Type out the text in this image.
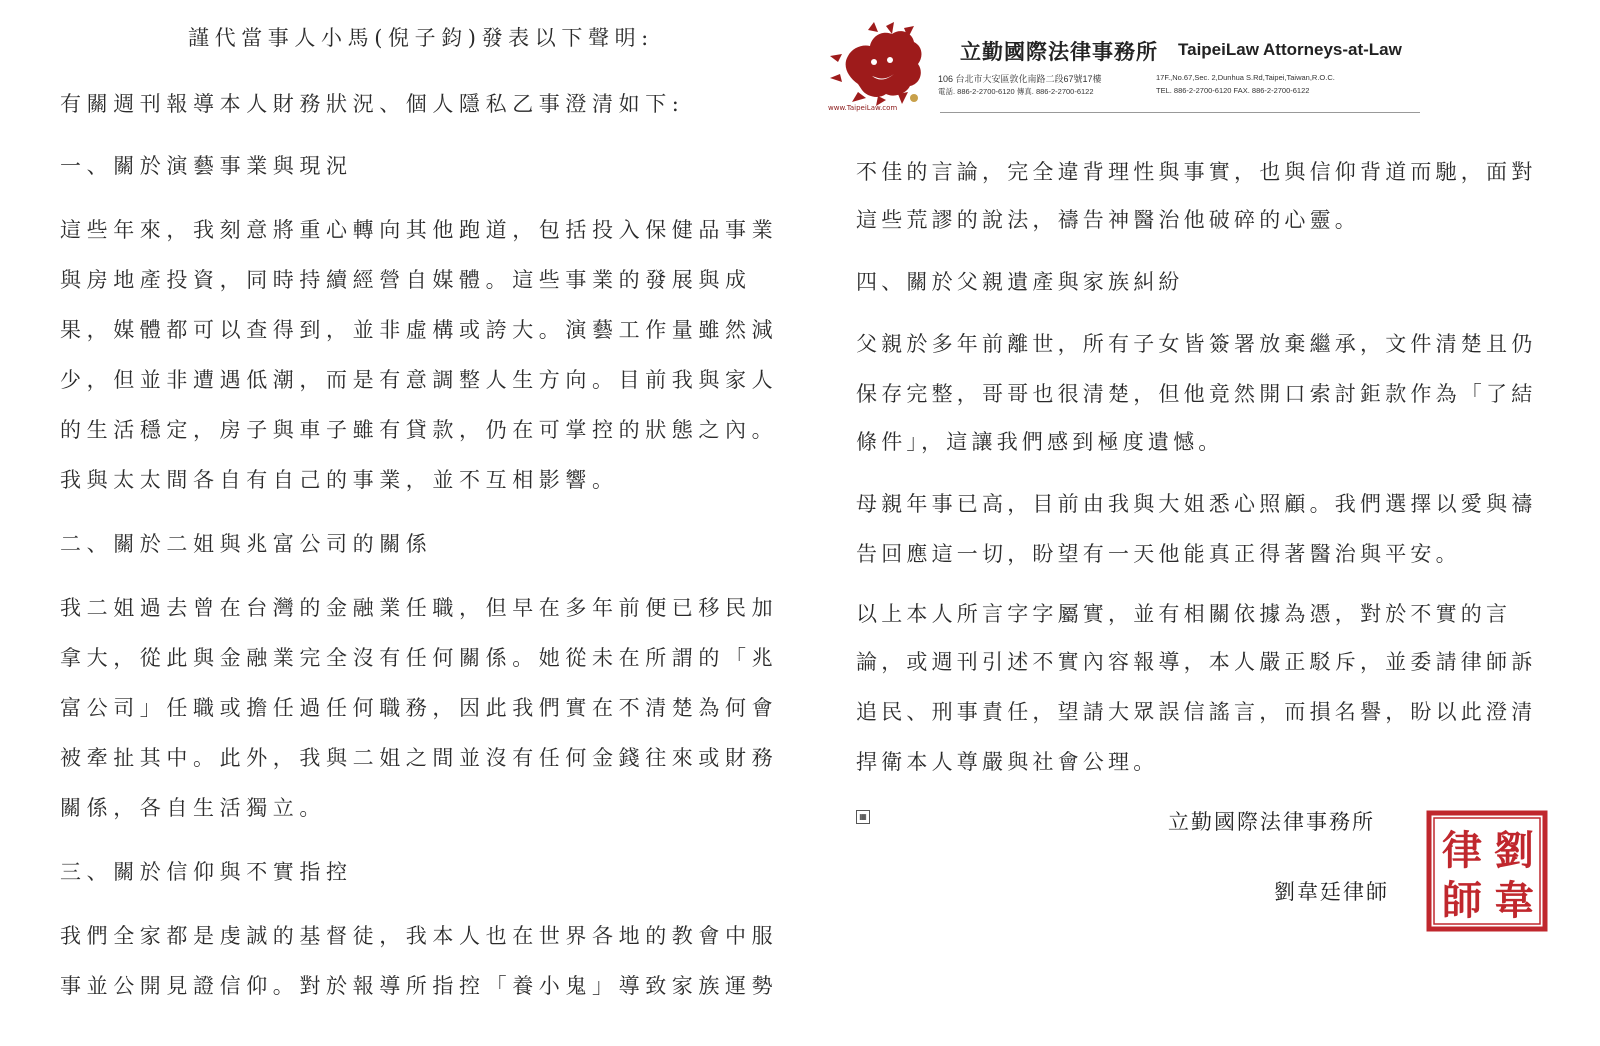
謹代當事人小馬(倪子鈞)發表以下聲明:
有關週刊報導本人財務狀況、個人隱私乙事澄清如下:
一、關於演藝事業與現況
這些年來，我刻意將重心轉向其他跑道，包括投入保健品事業
與房地產投資，同時持續經營自媒體。這些事業的發展與成
果，媒體都可以查得到，並非虛構或誇大。演藝工作量雖然減
少，但並非遭遇低潮，而是有意調整人生方向。目前我與家人
的生活穩定，房子與車子雖有貸款，仍在可掌控的狀態之內。
我與太太間各自有自己的事業，並不互相影響。
二、關於二姐與兆富公司的關係
我二姐過去曾在台灣的金融業任職，但早在多年前便已移民加
拿大，從此與金融業完全沒有任何關係。她從未在所謂的「兆
富公司」任職或擔任過任何職務，因此我們實在不清楚為何會
被牽扯其中。此外，我與二姐之間並沒有任何金錢往來或財務
關係，各自生活獨立。
三、關於信仰與不實指控
我們全家都是虔誠的基督徒，我本人也在世界各地的教會中服
事並公開見證信仰。對於報導所指控「養小鬼」導致家族運勢
www.TaipeiLaw.com
立勤國際法律事務所 TaipeiLaw Attorneys-at-Law
106 台北市大安區敦化南路二段67號17樓
電話. 886-2-2700-6120 傳真. 886-2-2700-6122
17F.,No.67,Sec. 2,Dunhua S.Rd,Taipei,Taiwan,R.O.C.
TEL. 886-2-2700-6120 FAX. 886-2-2700-6122
不佳的言論，完全違背理性與事實，也與信仰背道而馳，面對
這些荒謬的說法，禱告神醫治他破碎的心靈。
四、關於父親遺產與家族糾紛
父親於多年前離世，所有子女皆簽署放棄繼承，文件清楚且仍
保存完整，哥哥也很清楚，但他竟然開口索討鉅款作為「了結
條件」，這讓我們感到極度遺憾。
母親年事已高，目前由我與大姐悉心照顧。我們選擇以愛與禱
告回應這一切，盼望有一天他能真正得著醫治與平安。
以上本人所言字字屬實，並有相關依據為憑，對於不實的言
論，或週刊引述不實內容報導，本人嚴正駁斥，並委請律師訴
追民、刑事責任，望請大眾誤信謠言，而損名譽，盼以此澄清
捍衛本人尊嚴與社會公理。
▦	立勤國際法律事務所
劉韋廷律師
劉
韋
律
師
